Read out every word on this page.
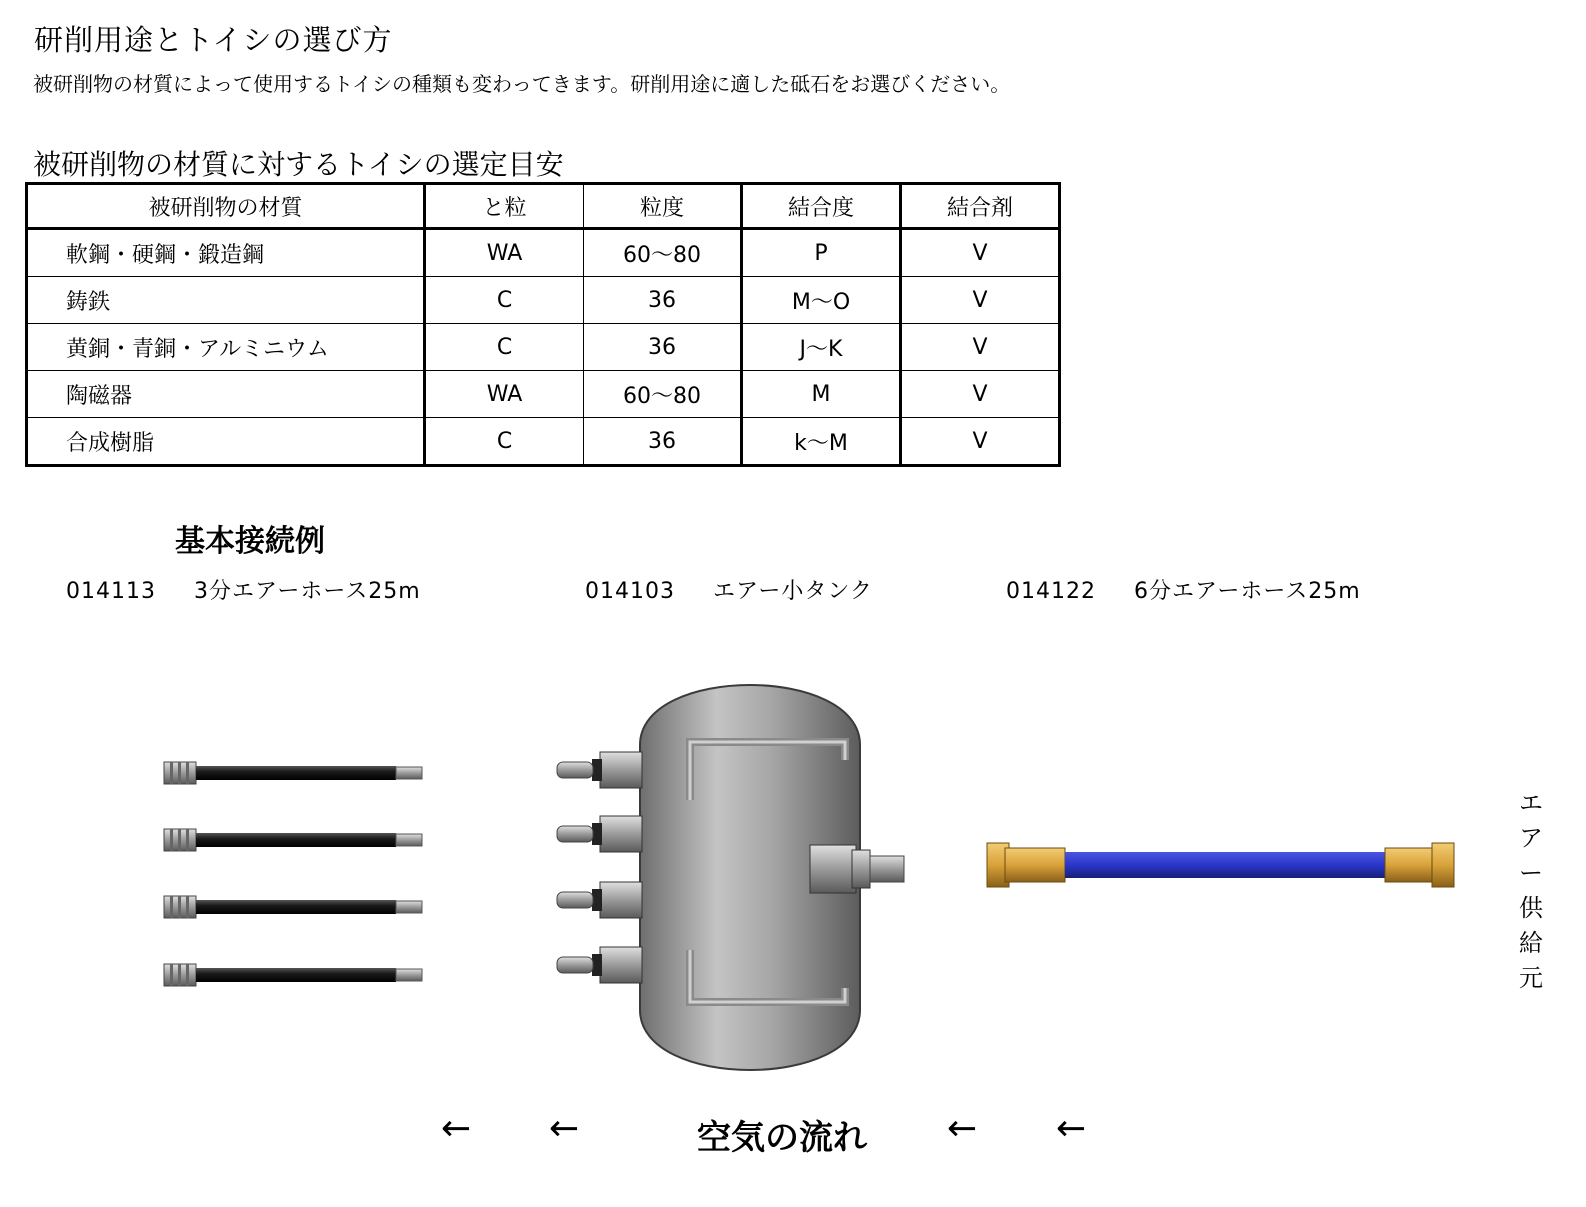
研削用途とトイシの選び方
被研削物の材質によって使用するトイシの種類も変わってきます。研削用途に適した砥石をお選びください。
被研削物の材質に対するトイシの選定目安
被研削物の材質	と粒	粒度	結合度	結合剤
軟鋼・硬鋼・鍛造鋼	WA	60～80	P	V
鋳鉄	C	36	M～O	V
黄銅・青銅・アルミニウム	C	36	J～K	V
陶磁器	WA	60～80	M	V
合成樹脂	C	36	k～M	V
基本接続例
014113 3分エアーホース25m	014103 エアー小タンク	014122 6分エアーホース25m
エ
ア
ー
供
給
元
← ←	空気の流れ ← ←
